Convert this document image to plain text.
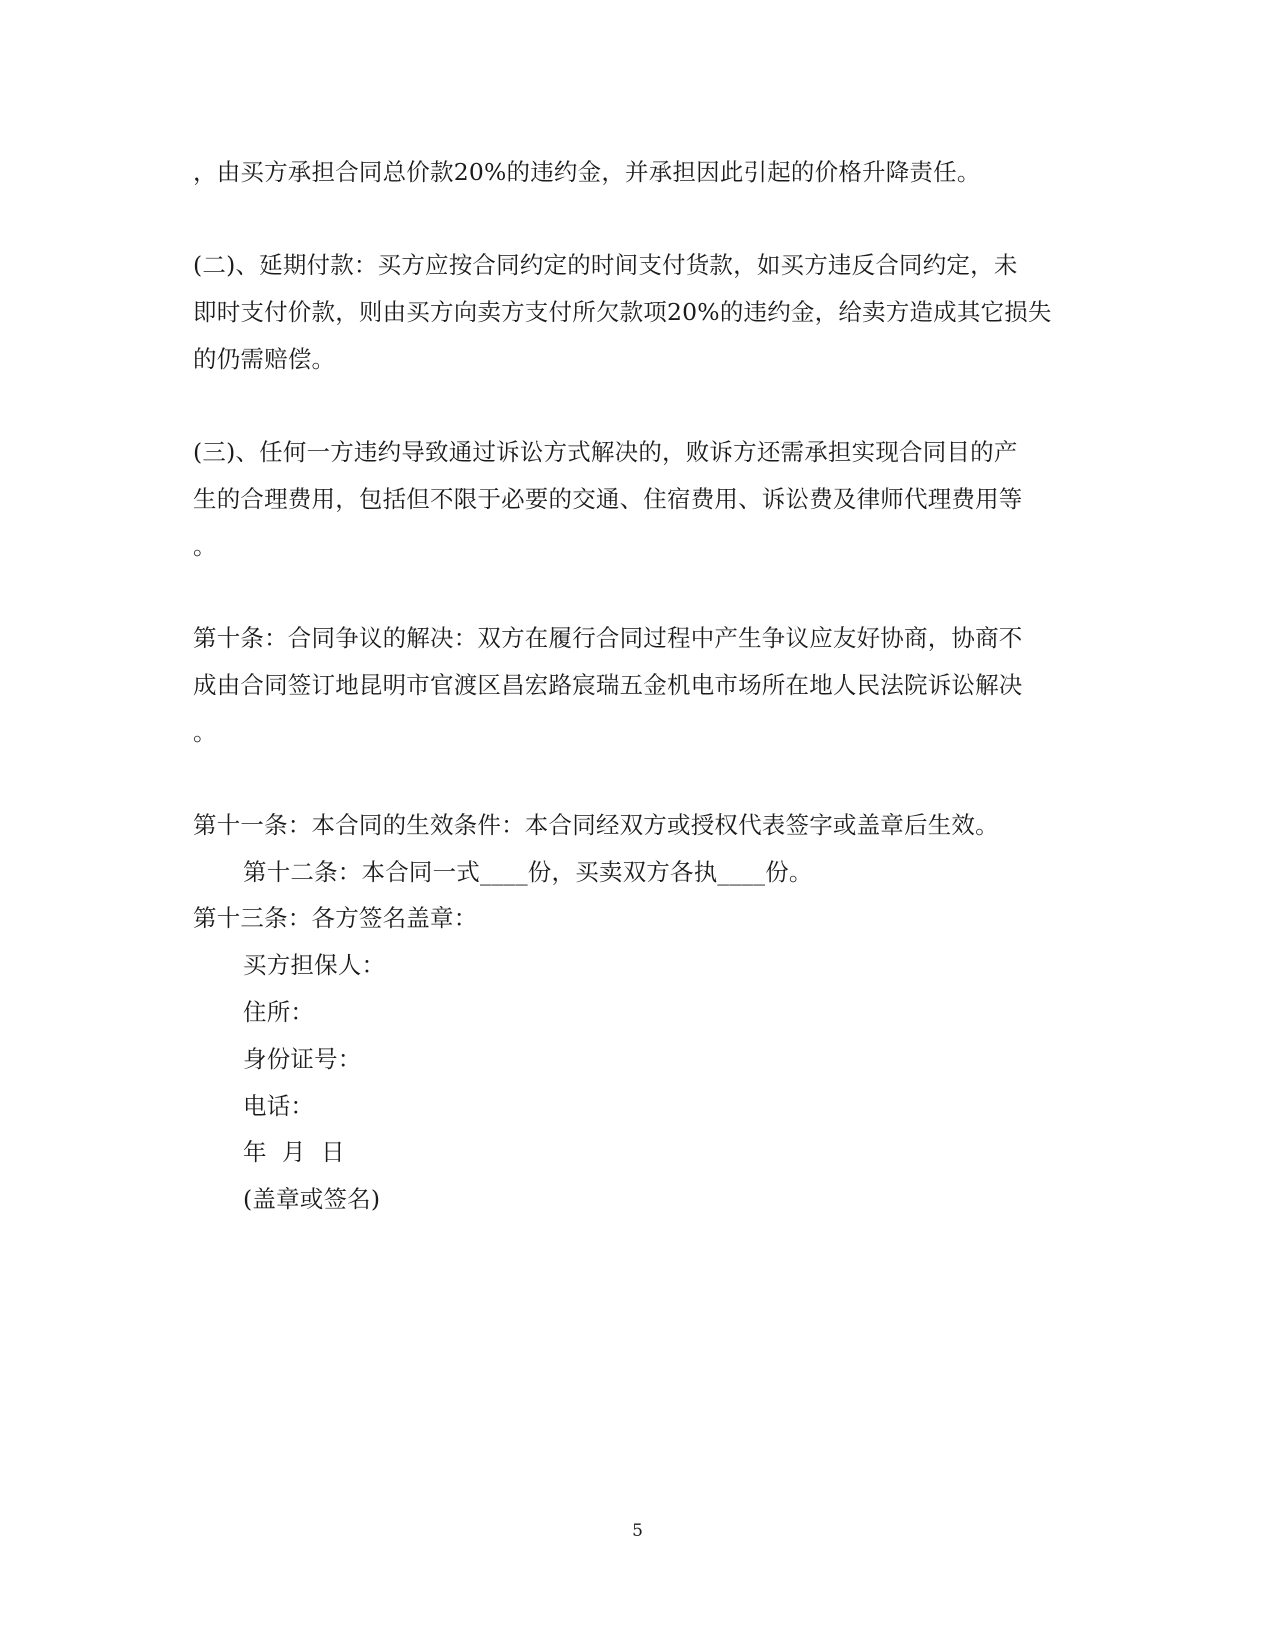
，由买方承担合同总价款20%的违约金，并承担因此引起的价格升降责任。
(二)、延期付款：买方应按合同约定的时间支付货款，如买方违反合同约定，未
即时支付价款，则由买方向卖方支付所欠款项20%的违约金，给卖方造成其它损失
的仍需赔偿。
(三)、任何一方违约导致通过诉讼方式解决的，败诉方还需承担实现合同目的产
生的合理费用，包括但不限于必要的交通、住宿费用、诉讼费及律师代理费用等
。
第十条：合同争议的解决：双方在履行合同过程中产生争议应友好协商，协商不
成由合同签订地昆明市官渡区昌宏路宸瑞五金机电市场所在地人民法院诉讼解决
。
第十一条：本合同的生效条件：本合同经双方或授权代表签字或盖章后生效。
第十二条：本合同一式____份，买卖双方各执____份。
第十三条：各方签名盖章：
买方担保人：
住所：
身份证号：
电话：
年  月  日
(盖章或签名)
5
